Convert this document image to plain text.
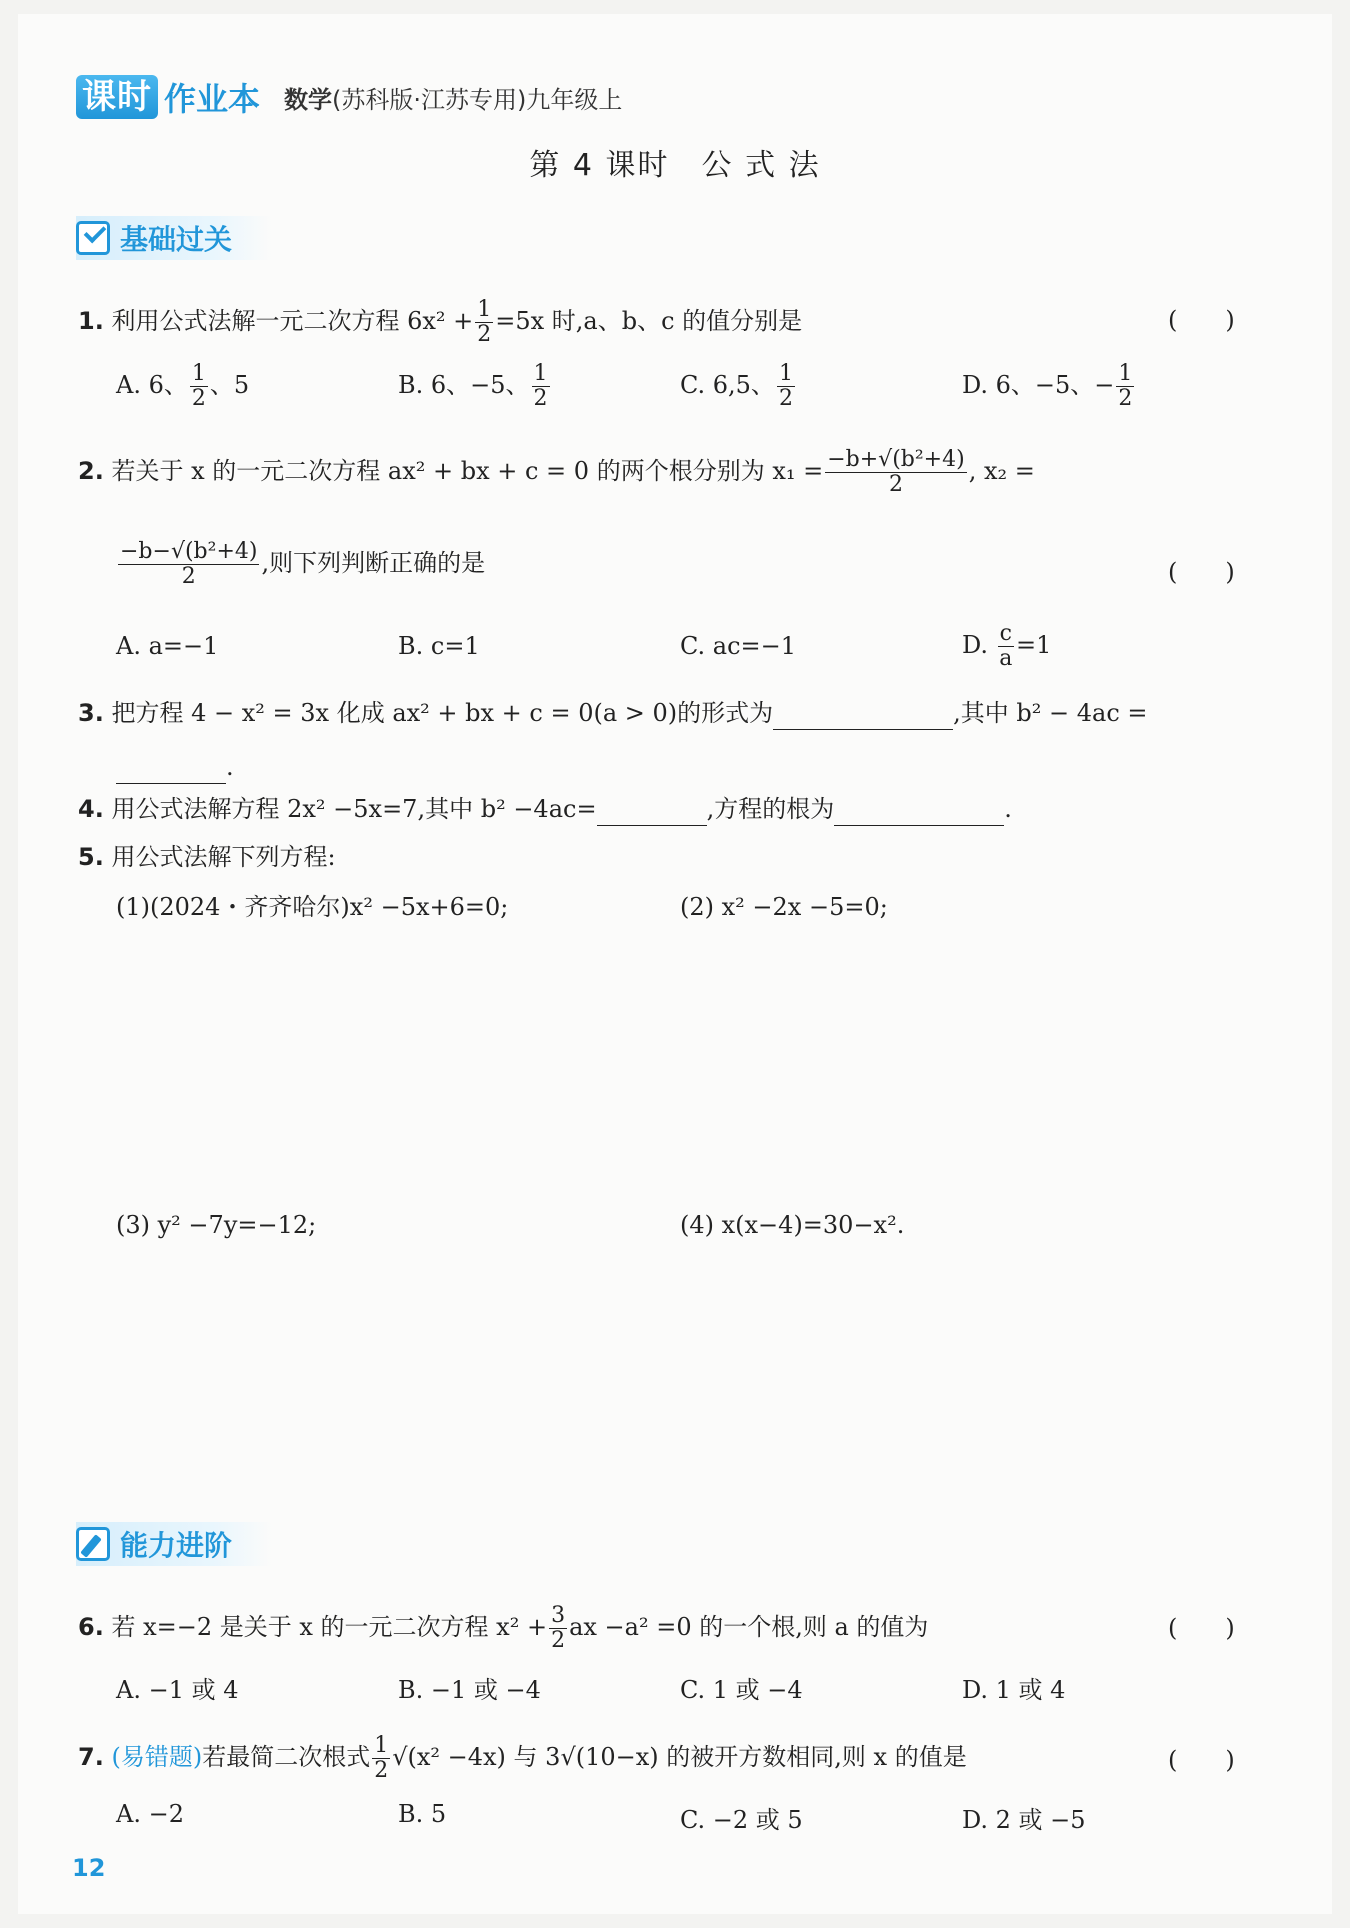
课时 作业本 数学(苏科版·江苏专用)九年级上
第 4 课时　公 式 法
基础过关
1. 利用公式法解一元二次方程 $6x^2 + \frac{1}{2} =5x$ 时,a、b、c 的值分别是	(　　)
A. 6、 $\frac{1}{2}$ 、5	B. 6、−5、 $\frac{1}{2}$	C. 6,5、 $\frac{1}{2}$	D. 6、−5、− $\frac{1}{2}$
2. 若关于 x 的一元二次方程 ax² + bx + c = 0 的两个根分别为 $x_1 = \frac{\text{−b+√(b²+4)}}{2}$ , x₂ =
$\frac{\text{−b−√(b²+4)}}{2}$ ,则下列判断正确的是	(　　)
A. a=−1	B. c=1	C. ac=−1	D. $\frac{c}{a} =1$
3. 把方程 4 − x² = 3x 化成 ax² + bx + c = 0(a > 0)的形式为	,其中 b² − 4ac =
.
4. 用公式法解方程 2x² −5x=7,其中 b² −4ac=	,方程的根为	.
5. 用公式法解下列方程:
(1)(2024・齐齐哈尔)x² −5x+6=0;	(2) x² −2x −5=0;
(3) y² −7y=−12;	(4) x(x−4)=30−x².
能力进阶
6. 若 x=−2 是关于 x 的一元二次方程 $x^2 + \frac{3}{2}$ ax −a² =0 的一个根,则 a 的值为	(　　)
A. −1 或 4	B. −1 或 −4	C. 1 或 −4	D. 1 或 4
7. (易错题)若最简二次根式 $\frac{1}{2} √(x^2 -4x)$ 与 3√(10−x) 的被开方数相同,则 x 的值是	(　　)
A. −2	B. 5	C. −2 或 5	D. 2 或 −5
12
